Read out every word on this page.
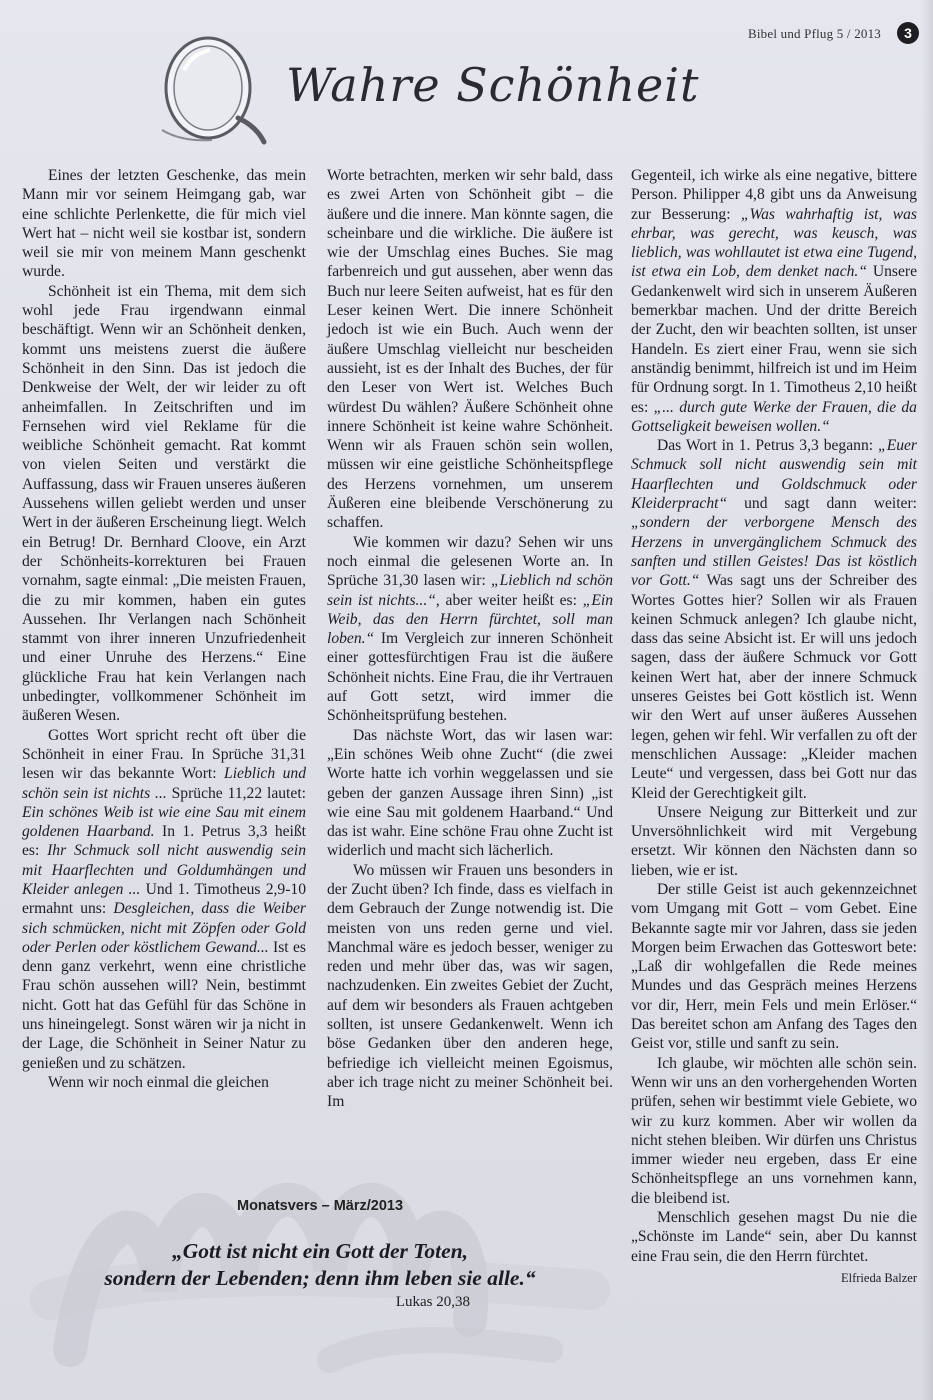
Bibel und Pflug 5 / 2013	3
Wahre Schönheit

Eines der letzten Geschenke, das mein Mann mir vor seinem Heimgang gab, war eine schlichte Perlenkette, die für mich viel Wert hat – nicht weil sie kostbar ist, sondern weil sie mir von meinem Mann geschenkt wurde.

Schönheit ist ein Thema, mit dem sich wohl jede Frau irgendwann einmal beschäftigt. Wenn wir an Schönheit denken, kommt uns meistens zuerst die äußere Schönheit in den Sinn. Das ist jedoch die Denkweise der Welt, der wir leider zu oft anheimfallen. In Zeitschriften und im Fernsehen wird viel Reklame für die weibliche Schönheit gemacht. Rat kommt von vielen Seiten und verstärkt die Auffassung, dass wir Frauen unseres äußeren Aussehens willen geliebt werden und unser Wert in der äußeren Erscheinung liegt. Welch ein Betrug! Dr. Bernhard Cloove, ein Arzt der Schönheits-korrekturen bei Frauen vornahm, sagte einmal: „Die meisten Frauen, die zu mir kommen, haben ein gutes Aussehen. Ihr Verlangen nach Schönheit stammt von ihrer inneren Unzufriedenheit und einer Unruhe des Herzens.“ Eine glückliche Frau hat kein Verlangen nach unbedingter, vollkommener Schönheit im äußeren Wesen.

Gottes Wort spricht recht oft über die Schönheit in einer Frau. In Sprüche 31,31 lesen wir das bekannte Wort: Lieblich und schön sein ist nichts ... Sprüche 11,22 lautet: Ein schönes Weib ist wie eine Sau mit einem goldenen Haarband. In 1. Petrus 3,3 heißt es: Ihr Schmuck soll nicht auswendig sein mit Haarflechten und Goldumhängen und Kleider anlegen ... Und 1. Timotheus 2,9-10 ermahnt uns: Desgleichen, dass die Weiber sich schmücken, nicht mit Zöpfen oder Gold oder Perlen oder köstlichem Gewand... Ist es denn ganz verkehrt, wenn eine christliche Frau schön aussehen will? Nein, bestimmt nicht. Gott hat das Gefühl für das Schöne in uns hineingelegt. Sonst wären wir ja nicht in der Lage, die Schönheit in Seiner Natur zu genießen und zu schätzen.

Wenn wir noch einmal die gleichen

Worte betrachten, merken wir sehr bald, dass es zwei Arten von Schönheit gibt – die äußere und die innere. Man könnte sagen, die scheinbare und die wirkliche. Die äußere ist wie der Umschlag eines Buches. Sie mag farbenreich und gut aussehen, aber wenn das Buch nur leere Seiten aufweist, hat es für den Leser keinen Wert. Die innere Schönheit jedoch ist wie ein Buch. Auch wenn der äußere Umschlag vielleicht nur bescheiden aussieht, ist es der Inhalt des Buches, der für den Leser von Wert ist. Welches Buch würdest Du wählen? Äußere Schönheit ohne innere Schönheit ist keine wahre Schönheit. Wenn wir als Frauen schön sein wollen, müssen wir eine geistliche Schönheitspflege des Herzens vornehmen, um unserem Äußeren eine bleibende Verschönerung zu schaffen.

Wie kommen wir dazu? Sehen wir uns noch einmal die gelesenen Worte an. In Sprüche 31,30 lasen wir: „Lieblich nd schön sein ist nichts...“, aber weiter heißt es: „Ein Weib, das den Herrn fürchtet, soll man loben.“ Im Vergleich zur inneren Schönheit einer gottesfürchtigen Frau ist die äußere Schönheit nichts. Eine Frau, die ihr Vertrauen auf Gott setzt, wird immer die Schönheitsprüfung bestehen.

Das nächste Wort, das wir lasen war: „Ein schönes Weib ohne Zucht“ (die zwei Worte hatte ich vorhin weggelassen und sie geben der ganzen Aussage ihren Sinn) „ist wie eine Sau mit goldenem Haarband.“ Und das ist wahr. Eine schöne Frau ohne Zucht ist widerlich und macht sich lächerlich.

Wo müssen wir Frauen uns besonders in der Zucht üben? Ich finde, dass es vielfach in dem Gebrauch der Zunge notwendig ist. Die meisten von uns reden gerne und viel. Manchmal wäre es jedoch besser, weniger zu reden und mehr über das, was wir sagen, nachzudenken. Ein zweites Gebiet der Zucht, auf dem wir besonders als Frauen achtgeben sollten, ist unsere Gedankenwelt. Wenn ich böse Gedanken über den anderen hege, befriedige ich vielleicht meinen Egoismus, aber ich trage nicht zu meiner Schönheit bei. Im

Gegenteil, ich wirke als eine negative, bittere Person. Philipper 4,8 gibt uns da Anweisung zur Besserung: „Was wahrhaftig ist, was ehrbar, was gerecht, was keusch, was lieblich, was wohllautet ist etwa eine Tugend, ist etwa ein Lob, dem denket nach.“ Unsere Gedankenwelt wird sich in unserem Äußeren bemerkbar machen. Und der dritte Bereich der Zucht, den wir beachten sollten, ist unser Handeln. Es ziert einer Frau, wenn sie sich anständig benimmt, hilfreich ist und im Heim für Ordnung sorgt. In 1. Timotheus 2,10 heißt es: „... durch gute Werke der Frauen, die da Gottseligkeit beweisen wollen.“

Das Wort in 1. Petrus 3,3 begann: „Euer Schmuck soll nicht auswendig sein mit Haarflechten und Goldschmuck oder Kleiderpracht“ und sagt dann weiter: „sondern der verborgene Mensch des Herzens in unvergänglichem Schmuck des sanften und stillen Geistes! Das ist köstlich vor Gott.“ Was sagt uns der Schreiber des Wortes Gottes hier? Sollen wir als Frauen keinen Schmuck anlegen? Ich glaube nicht, dass das seine Absicht ist. Er will uns jedoch sagen, dass der äußere Schmuck vor Gott keinen Wert hat, aber der innere Schmuck unseres Geistes bei Gott köstlich ist. Wenn wir den Wert auf unser äußeres Aussehen legen, gehen wir fehl. Wir verfallen zu oft der menschlichen Aussage: „Kleider machen Leute“ und vergessen, dass bei Gott nur das Kleid der Gerechtigkeit gilt.

Unsere Neigung zur Bitterkeit und zur Unversöhnlichkeit wird mit Vergebung ersetzt. Wir können den Nächsten dann so lieben, wie er ist.

Der stille Geist ist auch gekennzeichnet vom Umgang mit Gott – vom Gebet. Eine Bekannte sagte mir vor Jahren, dass sie jeden Morgen beim Erwachen das Gotteswort bete: „Laß dir wohlgefallen die Rede meines Mundes und das Gespräch meines Herzens vor dir, Herr, mein Fels und mein Erlöser.“ Das bereitet schon am Anfang des Tages den Geist vor, stille und sanft zu sein.

Ich glaube, wir möchten alle schön sein. Wenn wir uns an den vorhergehenden Worten prüfen, sehen wir bestimmt viele Gebiete, wo wir zu kurz kommen. Aber wir wollen da nicht stehen bleiben. Wir dürfen uns Christus immer wieder neu ergeben, dass Er eine Schönheitspflege an uns vornehmen kann, die bleibend ist.

Menschlich gesehen magst Du nie die „Schönste im Lande“ sein, aber Du kannst eine Frau sein, die den Herrn fürchtet.
Elfrieda Balzer

Monatsvers – März/2013
„Gott ist nicht ein Gott der Toten,
sondern der Lebenden; denn ihm leben sie alle.“
Lukas 20,38
